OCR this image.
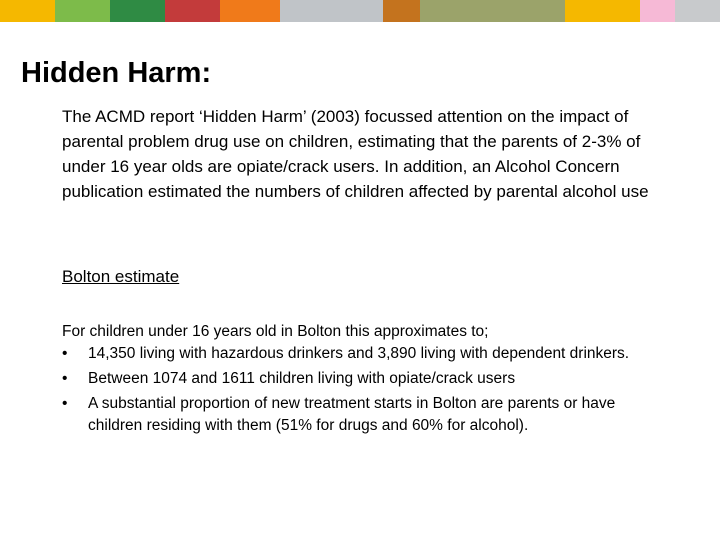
Hidden Harm:

The ACMD report ‘Hidden Harm’ (2003) focussed attention on the impact of parental problem drug use on children, estimating that the parents of 2-3% of under 16 year olds are opiate/crack users. In addition, an Alcohol Concern publication estimated the numbers of children affected by parental alcohol use

Bolton estimate

For children under 16 years old in Bolton this approximates to;

•	14,350 living with hazardous drinkers and 3,890 living with dependent drinkers.
•	Between 1074 and 1611 children living with opiate/crack users
•	A substantial proportion of new treatment starts in Bolton are parents or have children residing with them (51% for drugs and 60% for alcohol).
